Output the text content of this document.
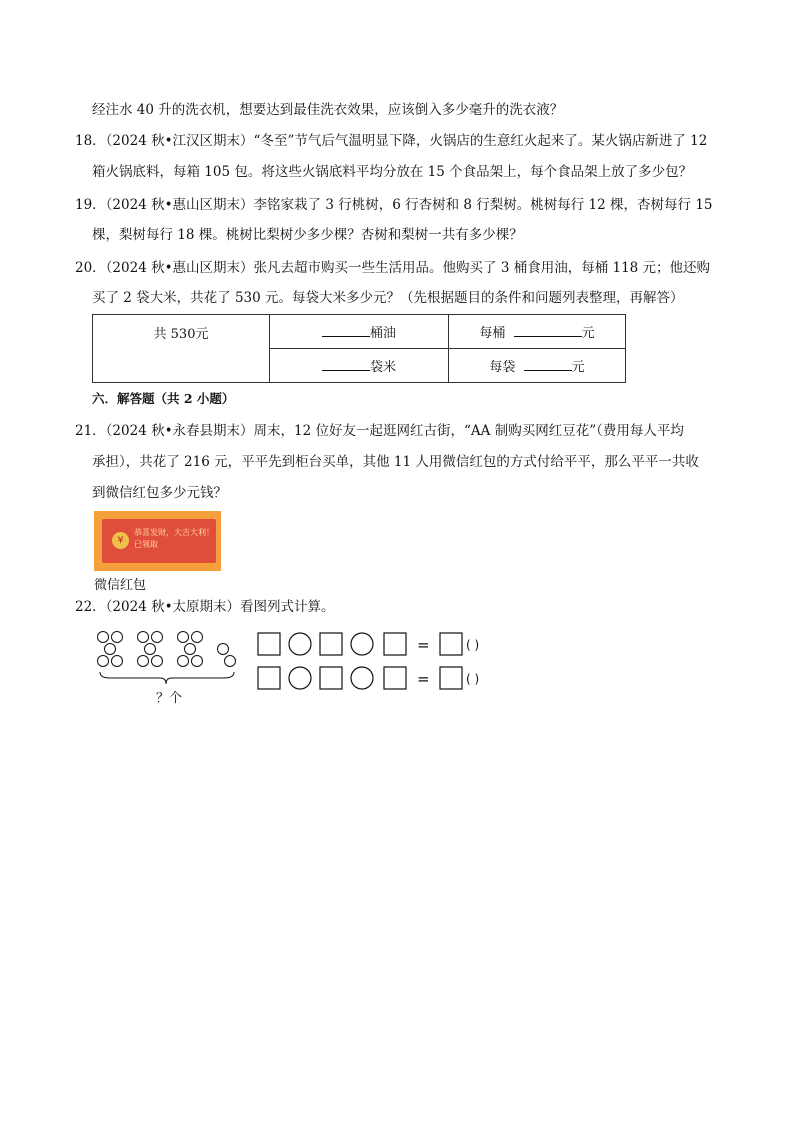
经注水 40 升的洗衣机，想要达到最佳洗衣效果，应该倒入多少毫升的洗衣液？
18．（2024 秋•江汉区期末）“冬至”节气后气温明显下降，火锅店的生意红火起来了。某火锅店新进了 12
箱火锅底料，每箱 105 包。将这些火锅底料平均分放在 15 个食品架上，每个食品架上放了多少包？
19．（2024 秋•惠山区期末）李铭家栽了 3 行桃树，6 行杏树和 8 行梨树。桃树每行 12 棵，杏树每行 15
棵，梨树每行 18 棵。桃树比梨树少多少棵？杏树和梨树一共有多少棵？
20．（2024 秋•惠山区期末）张凡去超市购买一些生活用品。他购买了 3 桶食用油，每桶 118 元；他还购
买了 2 袋大米，共花了 530 元。每袋大米多少元？（先根据题目的条件和问题列表整理，再解答）
共 530元	桶油	每桶 元
	袋米	每袋 元
六．解答题（共 2 小题）
21．（2024 秋•永春县期末）周末，12 位好友一起逛网红古街，“AA 制购买网红豆花”（费用每人平均
承担），共花了 216 元，平平先到柜台买单，其他 11 人用微信红包的方式付给平平，那么平平一共收
到微信红包多少元钱？
¥
恭喜发财，大吉大利！
已领取
微信红包
22．（2024 秋•太原期末）看图列式计算。
？个
=	( )
=	( )
